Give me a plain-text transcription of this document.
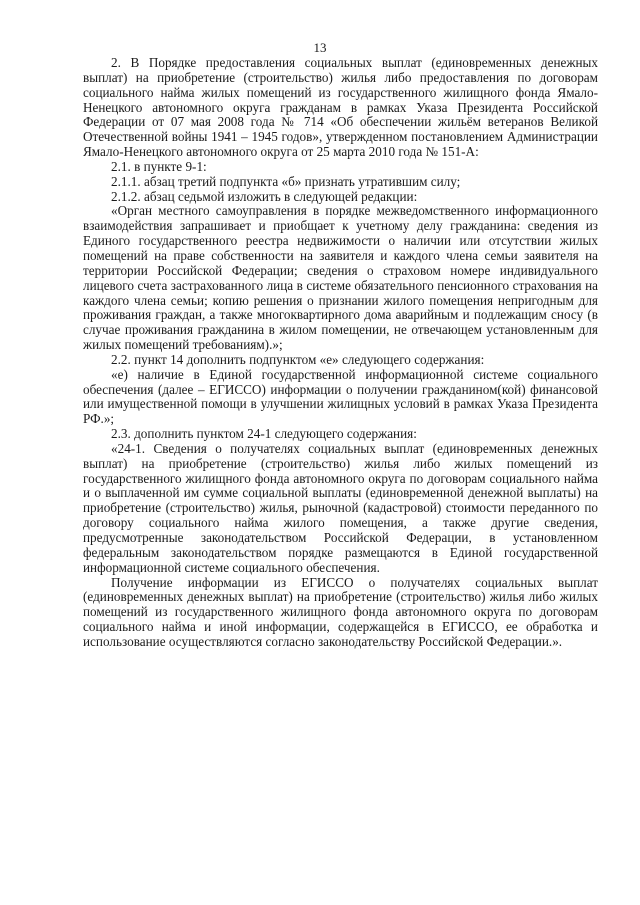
13

2. В Порядке предоставления социальных выплат (единовременных денежных выплат) на приобретение (строительство) жилья либо предоставления по договорам социального найма жилых помещений из государственного жилищного фонда Ямало-Ненецкого автономного округа гражданам в рамках Указа Президента Российской Федерации от 07 мая 2008 года № 714 «Об обеспечении жильём ветеранов Великой Отечественной войны 1941 – 1945 годов», утвержденном постановлением Администрации Ямало-Ненецкого автономного округа от 25 марта 2010 года № 151-А:

2.1. в пункте 9-1:

2.1.1. абзац третий подпункта «б» признать утратившим силу;

2.1.2. абзац седьмой изложить в следующей редакции:

«Орган местного самоуправления в порядке межведомственного информационного взаимодействия запрашивает и приобщает к учетному делу гражданина: сведения из Единого государственного реестра недвижимости о наличии или отсутствии жилых помещений на праве собственности на заявителя и каждого члена семьи заявителя на территории Российской Федерации; сведения о страховом номере индивидуального лицевого счета застрахованного лица в системе обязательного пенсионного страхования на каждого члена семьи; копию решения о признании жилого помещения непригодным для проживания граждан, а также многоквартирного дома аварийным и подлежащим сносу (в случае проживания гражданина в жилом помещении, не отвечающем установленным для жилых помещений требованиям).»;

2.2. пункт 14 дополнить подпунктом «е» следующего содержания:

«е) наличие в Единой государственной информационной системе социального обеспечения (далее – ЕГИССО) информации о получении гражданином(кой) финансовой или имущественной помощи в улучшении жилищных условий в рамках Указа Президента РФ.»;

2.3. дополнить пунктом 24-1 следующего содержания:

«24-1. Сведения о получателях социальных выплат (единовременных денежных выплат) на приобретение (строительство) жилья либо жилых помещений из государственного жилищного фонда автономного округа по договорам социального найма и о выплаченной им сумме социальной выплаты (единовременной денежной выплаты) на приобретение (строительство) жилья, рыночной (кадастровой) стоимости переданного по договору социального найма жилого помещения, а также другие сведения, предусмотренные законодательством Российской Федерации, в установленном федеральным законодательством порядке размещаются в Единой государственной информационной системе социального обеспечения.

Получение информации из ЕГИССО о получателях социальных выплат (единовременных денежных выплат) на приобретение (строительство) жилья либо жилых помещений из государственного жилищного фонда автономного округа по договорам социального найма и иной информации, содержащейся в ЕГИССО, ее обработка и использование осуществляются согласно законодательству Российской Федерации.».
